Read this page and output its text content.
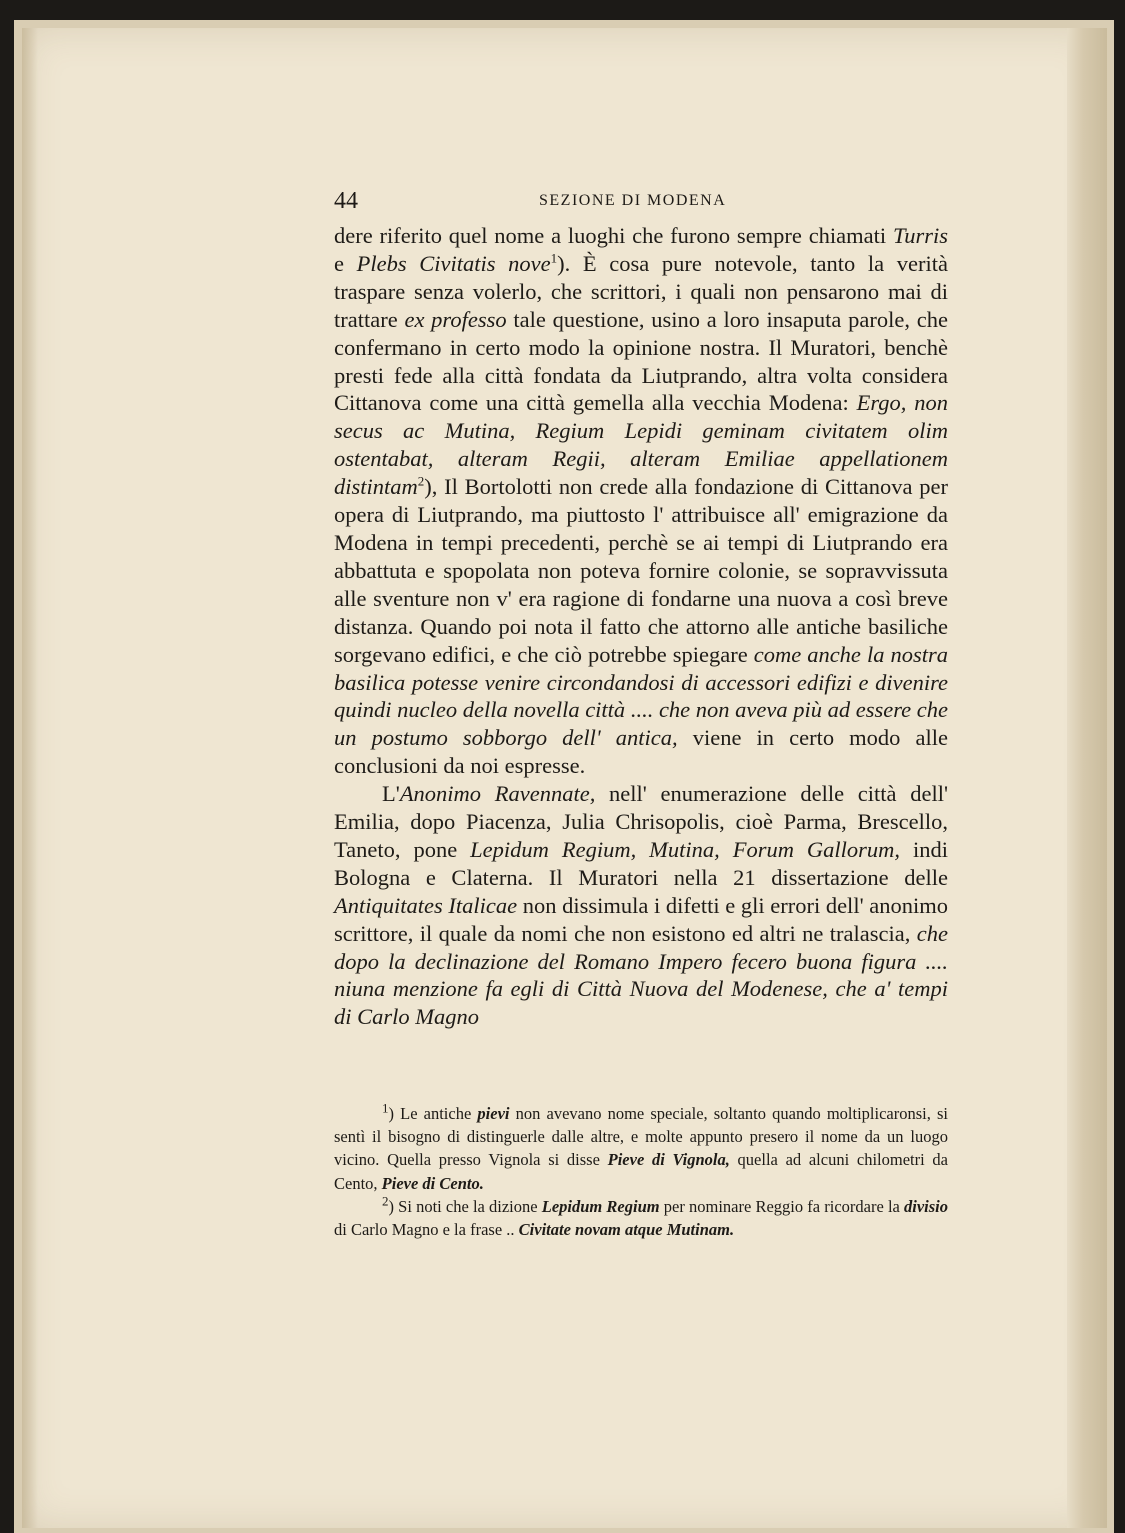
44	SEZIONE DI MODENA

dere riferito quel nome a luoghi che furono sempre chiamati Turris e Plebs Civitatis nove$^1$). È cosa pure notevole, tanto la verità traspare senza volerlo, che scrittori, i quali non pensarono mai di trattare ex professo tale questione, usino a loro insaputa parole, che confermano in certo modo la opinione nostra. Il Muratori, benchè presti fede alla città fondata da Liutprando, altra volta considera Cittanova come una città gemella alla vecchia Modena: Ergo, non secus ac Mutina, Regium Lepidi geminam civitatem olim ostentabat, alteram Regii, alteram Emiliae appellationem distintam$^2$), Il Bortolotti non crede alla fondazione di Cittanova per opera di Liutprando, ma piuttosto l' attribuisce all' emigrazione da Modena in tempi precedenti, perchè se ai tempi di Liutprando era abbattuta e spopolata non poteva fornire colonie, se sopravvissuta alle sventure non v' era ragione di fondarne una nuova a così breve distanza. Quando poi nota il fatto che attorno alle antiche basiliche sorgevano edifici, e che ciò potrebbe spiegare come anche la nostra basilica potesse venire circondandosi di accessori edifizi e divenire quindi nucleo della novella città .... che non aveva più ad essere che un postumo sobborgo dell' antica, viene in certo modo alle conclusioni da noi espresse.

L'Anonimo Ravennate, nell' enumerazione delle città dell' Emilia, dopo Piacenza, Julia Chrisopolis, cioè Parma, Brescello, Taneto, pone Lepidum Regium, Mutina, Forum Gallorum, indi Bologna e Claterna. Il Muratori nella 21 dissertazione delle Antiquitates Italicae non dissimula i difetti e gli errori dell' anonimo scrittore, il quale da nomi che non esistono ed altri ne tralascia, che dopo la declinazione del Romano Impero fecero buona figura .... niuna menzione fa egli di Città Nuova del Modenese, che a' tempi di Carlo Magno

$^1$) Le antiche pievi non avevano nome speciale, soltanto quando moltiplicaronsi, si sentì il bisogno di distinguerle dalle altre, e molte appunto presero il nome da un luogo vicino. Quella presso Vignola si disse Pieve di Vignola, quella ad alcuni chilometri da Cento, Pieve di Cento.

$^2$) Si noti che la dizione Lepidum Regium per nominare Reggio fa ricordare la divisio di Carlo Magno e la frase .. Civitate novam atque Mutinam.
